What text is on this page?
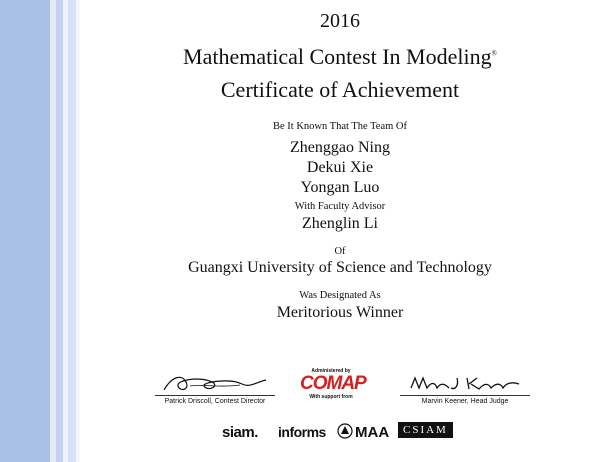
2016
Mathematical Contest In Modeling®
Certificate of Achievement
Be It Known That The Team Of
Zhenggao Ning
Dekui Xie
Yongan Luo
With Faculty Advisor
Zhenglin Li
Of
Guangxi University of Science and Technology
Was Designated As
Meritorious Winner
Patrick Driscoll, Contest Director
Administered by
COMAP
With support from
Marvin Keener, Head Judge
siam. informs MAA	CSIAM
